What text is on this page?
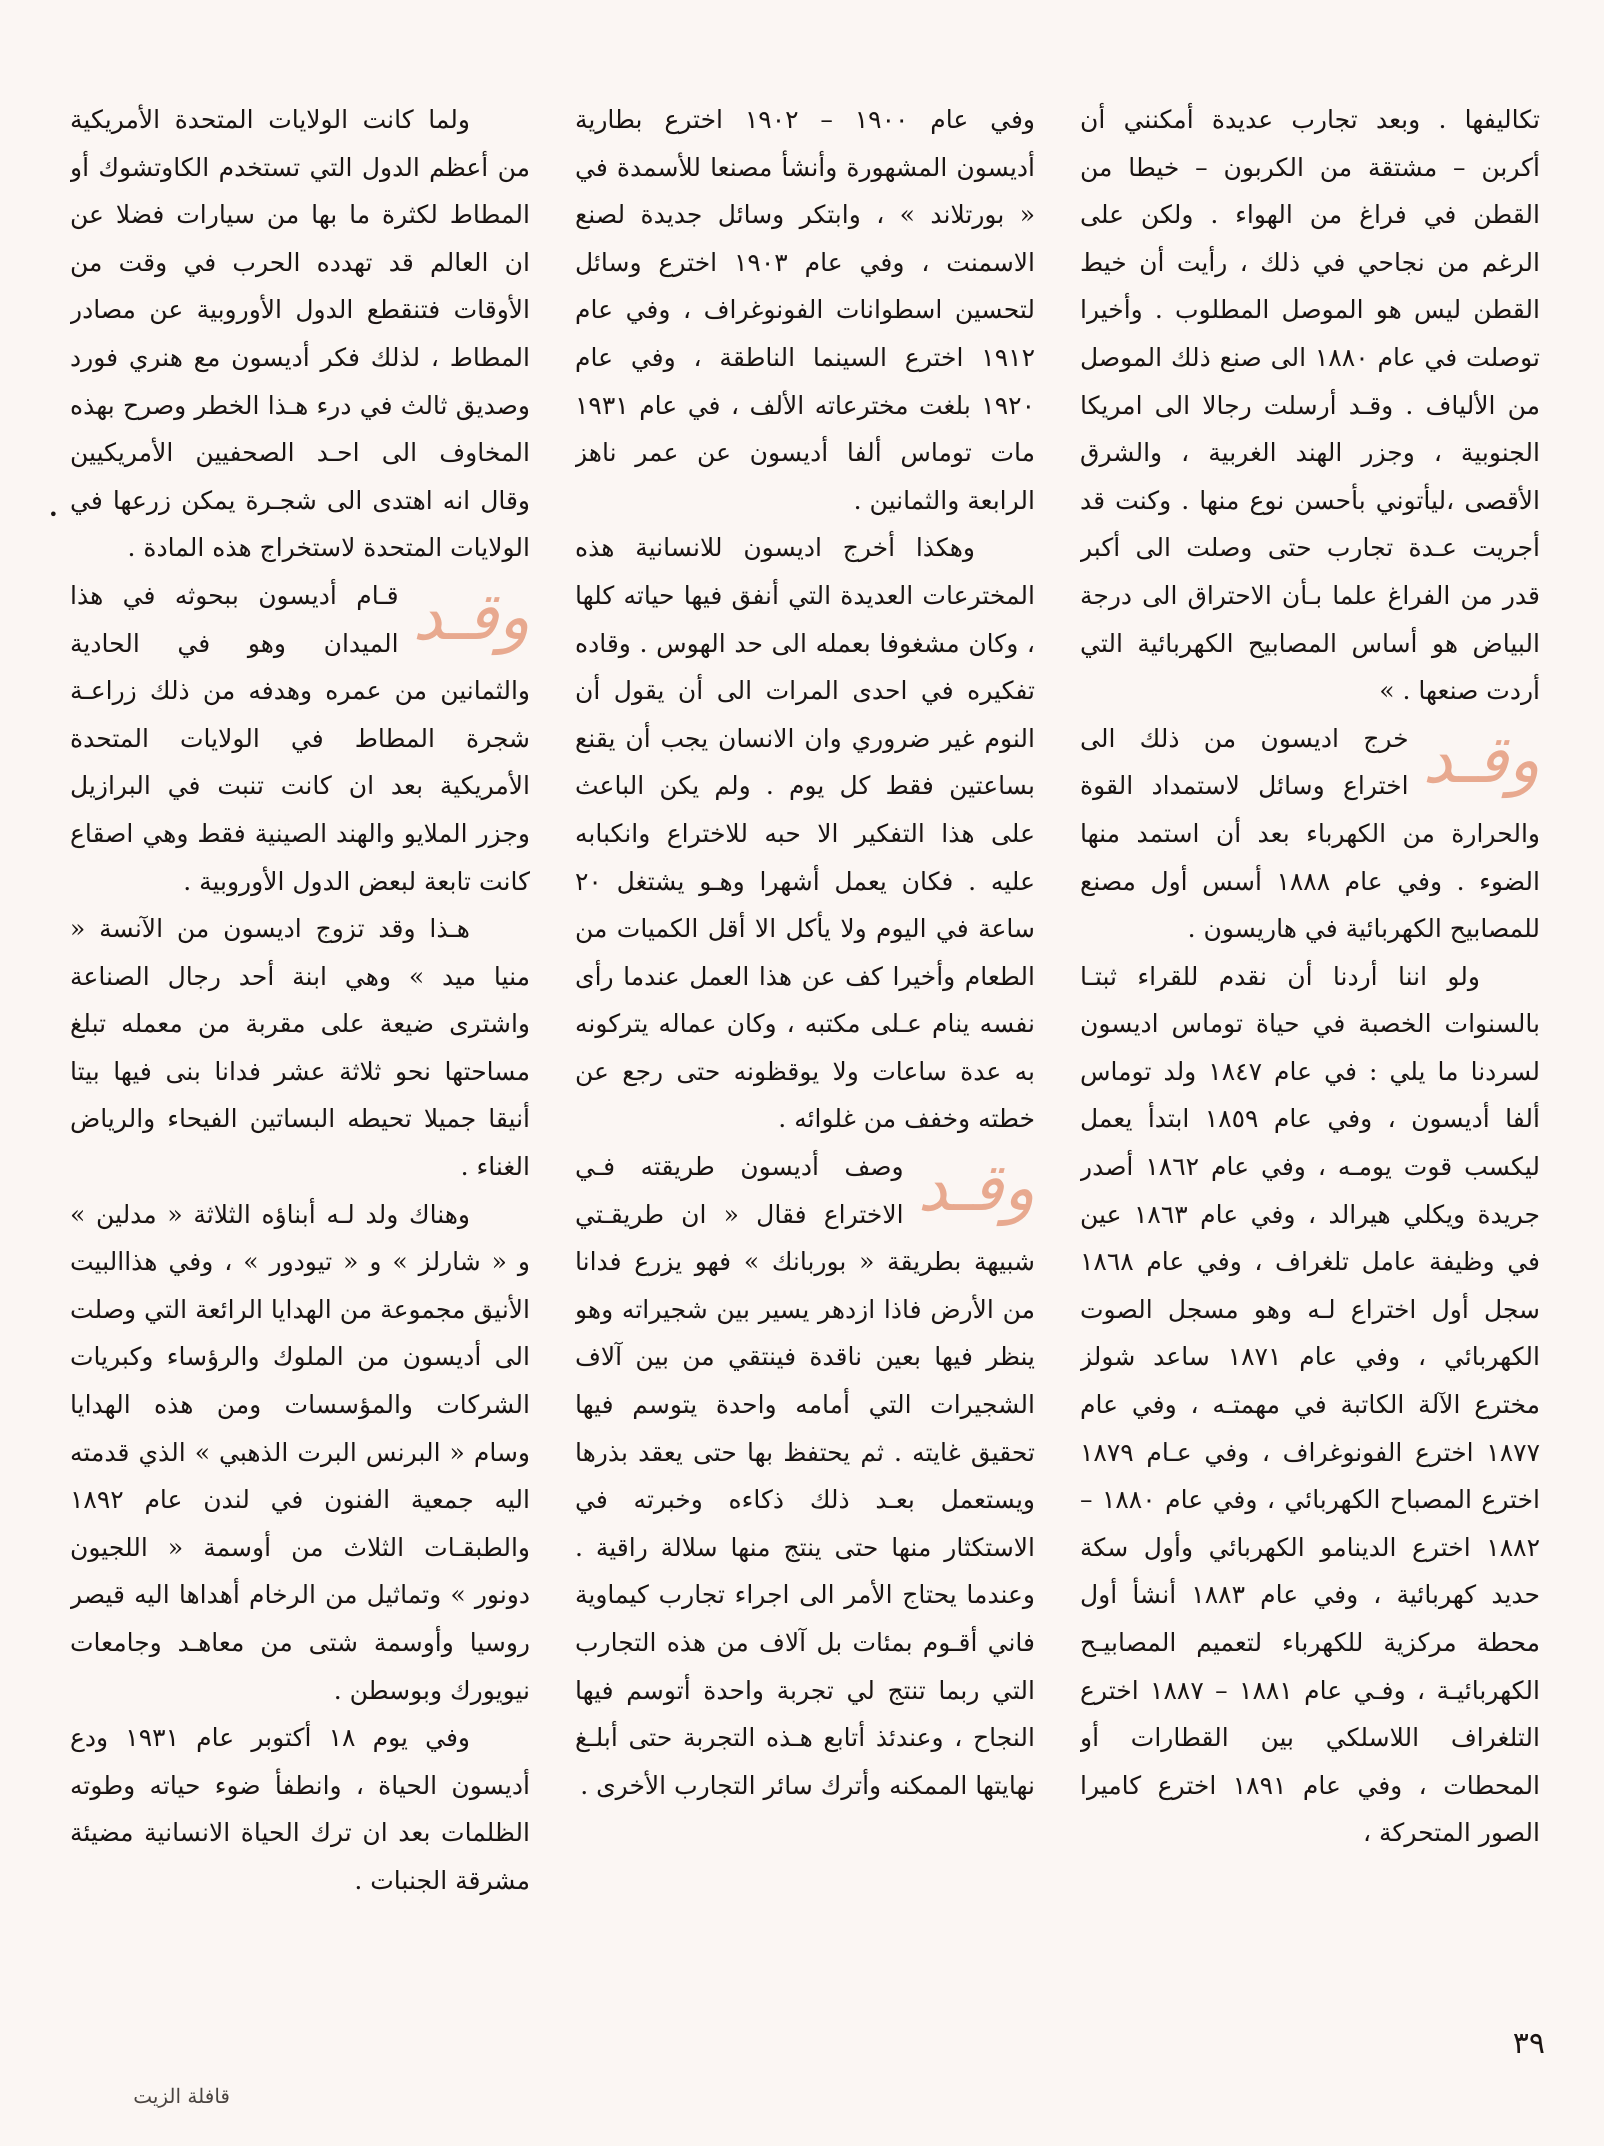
تكاليفها . وبعد تجارب عديدة أمكنني أن أكربن – مشتقة من الكربون – خيطا من القطن في فراغ من الهواء . ولكن على الرغم من نجاحي في ذلك ، رأيت أن خيط القطن ليس هو الموصل المطلوب . وأخيرا توصلت في عام ١٨٨٠ الى صنع ذلك الموصل من الألياف . وقـد أرسلت رجالا الى امريكا الجنوبية ، وجزر الهند الغربية ، والشرق الأقصى ،ليأتوني بأحسن نوع منها . وكنت قد أجريت عـدة تجارب حتى وصلت الى أكبر قدر من الفراغ علما بـأن الاحتراق الى درجة البياض هو أساس المصابيح الكهربائية التي أردت صنعها . »

وقـد
خرج اديسون من ذلك الى اختراع وسائل لاستمداد القوة والحرارة من الكهرباء بعد أن استمد منها الضوء . وفي عام ١٨٨٨ أسس أول مصنع للمصابيح الكهربائية في هاريسون .

ولو اننا أردنا أن نقدم للقراء ثبتـا بالسنوات الخصبة في حياة توماس اديسون لسردنا ما يلي : في عام ١٨٤٧ ولد توماس ألفا أديسون ، وفي عام ١٨٥٩ ابتدأ يعمل ليكسب قوت يومـه ، وفي عام ١٨٦٢ أصدر جريدة ويكلي هيرالد ، وفي عام ١٨٦٣ عين في وظيفة عامل تلغراف ، وفي عام ١٨٦٨ سجل أول اختراع لـه وهو مسجل الصوت الكهربائي ، وفي عام ١٨٧١ ساعد شولز مخترع الآلة الكاتبة في مهمتـه ، وفي عام ١٨٧٧ اخترع الفونوغراف ، وفي عـام ١٨٧٩ اخترع المصباح الكهربائي ، وفي عام ١٨٨٠ – ١٨٨٢ اخترع الدينامو الكهربائي وأول سكة حديد كهربائية ، وفي عام ١٨٨٣ أنشأ أول محطة مركزية للكهرباء لتعميم المصابيـح الكهربائيـة ، وفـي عام ١٨٨١ – ١٨٨٧ اخترع التلغراف اللاسلكي بين القطارات أو المحطات ، وفي عام ١٨٩١ اخترع كاميرا الصور المتحركة ،

وفي عام ١٩٠٠ – ١٩٠٢ اخترع بطارية أديسون المشهورة وأنشأ مصنعا للأسمدة في « بورتلاند » ، وابتكر وسائل جديدة لصنع الاسمنت ، وفي عام ١٩٠٣ اخترع وسائل لتحسين اسطوانات الفونوغراف ، وفي عام ١٩١٢ اخترع السينما الناطقة ، وفي عام ١٩٢٠ بلغت مخترعاته الألف ، في عام ١٩٣١ مات توماس ألفا أديسون عن عمر ناهز الرابعة والثمانين .

وهكذا أخرج اديسون للانسانية هذه المخترعات العديدة التي أنفق فيها حياته كلها ، وكان مشغوفا بعمله الى حد الهوس . وقاده تفكيره في احدى المرات الى أن يقول أن النوم غير ضروري وان الانسان يجب أن يقنع بساعتين فقط كل يوم . ولم يكن الباعث على هذا التفكير الا حبه للاختراع وانكبابه عليه . فكان يعمل أشهرا وهـو يشتغل ٢٠ ساعة في اليوم ولا يأكل الا أقل الكميات من الطعام وأخيرا كف عن هذا العمل عندما رأى نفسه ينام عـلى مكتبه ، وكان عماله يتركونه به عدة ساعات ولا يوقظونه حتى رجع عن خطته وخفف من غلوائه .

وقـد
وصف أديسون طريقته فـي الاختراع فقال « ان طريقـتي شبيهة بطريقة « بوربانك » فهو يزرع فدانا من الأرض فاذا ازدهر يسير بين شجيراته وهو ينظر فيها بعين ناقدة فينتقي من بين آلاف الشجيرات التي أمامه واحدة يتوسم فيها تحقيق غايته . ثم يحتفظ بها حتى يعقد بذرها ويستعمل بعـد ذلك ذكاءه وخبرته في الاستكثار منها حتى ينتج منها سلالة راقية . وعندما يحتاج الأمر الى اجراء تجارب كيماوية فاني أقـوم بمئات بل آلاف من هذه التجارب التي ربما تنتج لي تجربة واحدة أتوسم فيها النجاح ، وعندئذ أتابع هـذه التجربة حتى أبلـغ نهايتها الممكنه وأترك سائر التجارب الأخرى .

ولما كانت الولايات المتحدة الأمريكية من أعظم الدول التي تستخدم الكاوتشوك أو المطاط لكثرة ما بها من سيارات فضلا عن ان العالم قد تهدده الحرب في وقت من الأوقات فتنقطع الدول الأوروبية عن مصادر المطاط ، لذلك فكر أديسون مع هنري فورد وصديق ثالث في درء هـذا الخطر وصرح بهذه المخاوف الى احـد الصحفيين الأمريكيين وقال انه اهتدى الى شجـرة يمكن زرعها في الولايات المتحدة لاستخراج هذه المادة .

وقـد
قـام أديسون ببحوثه في هذا الميدان وهو في الحادية والثمانين من عمره وهدفه من ذلك زراعـة شجرة المطاط في الولايات المتحدة الأمريكية بعد ان كانت تنبت في البرازيل وجزر الملايو والهند الصينية فقط وهي اصقاع كانت تابعة لبعض الدول الأوروبية .

هـذا وقد تزوج اديسون من الآنسة « منيا ميد » وهي ابنة أحد رجال الصناعة واشترى ضيعة على مقربة من معمله تبلغ مساحتها نحو ثلاثة عشر فدانا بنى فيها بيتا أنيقا جميلا تحيطه البساتين الفيحاء والرياض الغناء .

وهناك ولد لـه أبناؤه الثلاثة « مدلين » و « شارلز » و « تيودور » ، وفي هذاالبيت الأنيق مجموعة من الهدايا الرائعة التي وصلت الى أديسون من الملوك والرؤساء وكبريات الشركات والمؤسسات ومن هذه الهدايا وسام « البرنس البرت الذهبي » الذي قدمته اليه جمعية الفنون في لندن عام ١٨٩٢ والطبقـات الثلاث من أوسمة « اللجيون دونور » وتماثيل من الرخام أهداها اليه قيصر روسيا وأوسمة شتى من معاهـد وجامعات نيويورك وبوسطن .

وفي يوم ١٨ أكتوبر عام ١٩٣١ ودع أديسون الحياة ، وانطفأ ضوء حياته وطوته الظلمات بعد ان ترك الحياة الانسانية مضيئة مشرقة الجنبات .

•
٣٩
قافلة الزيت
